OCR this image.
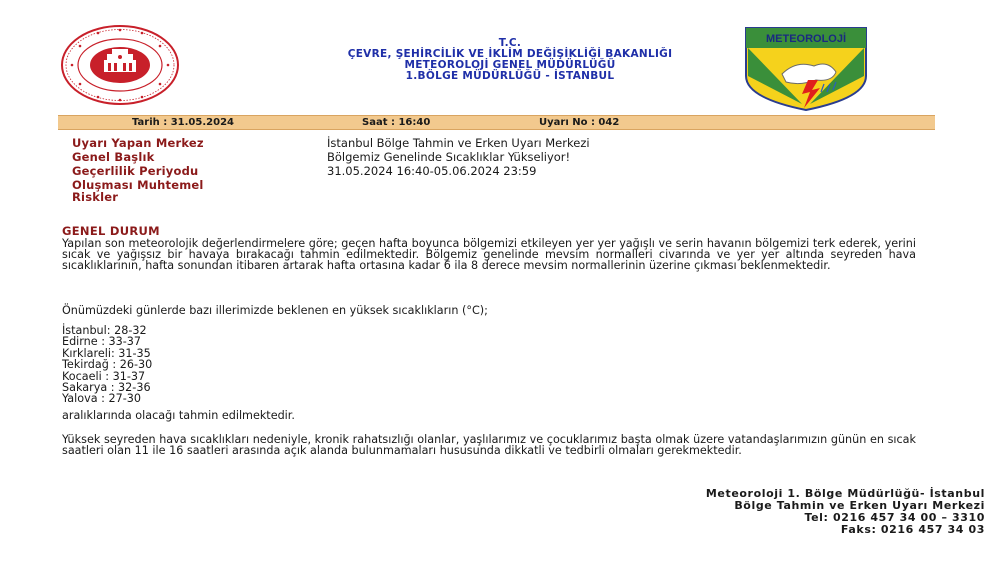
T.C.
ÇEVRE, ŞEHİRCİLİK VE İKLİM DEĞİŞİKLİĞİ BAKANLIĞI
METEOROLOJİ GENEL MÜDÜRLÜĞÜ
1.BÖLGE MÜDÜRLÜĞÜ - İSTANBUL
METEOROLOJİ
Tarih : 31.05.2024	Saat : 16:40	Uyarı No : 042
Uyarı Yapan Merkez	İstanbul Bölge Tahmin ve Erken Uyarı Merkezi
Genel Başlık	Bölgemiz Genelinde Sıcaklıklar Yükseliyor!
Geçerlilik Periyodu	31.05.2024 16:40-05.06.2024 23:59
Oluşması Muhtemel
Riskler
GENEL DURUM
Yapılan son meteorolojik değerlendirmelere göre; geçen hafta boyunca bölgemizi etkileyen yer yer yağışlı ve serin havanın bölgemizi terk ederek, yerini sıcak ve yağışsız bir havaya bırakacağı tahmin edilmektedir. Bölgemiz genelinde mevsim normalleri civarında ve yer yer altında seyreden hava sıcaklıklarının, hafta sonundan itibaren artarak hafta ortasına kadar 6 ila 8 derece mevsim normallerinin üzerine çıkması beklenmektedir.
Önümüzdeki günlerde bazı illerimizde beklenen en yüksek sıcaklıkların (°C);
İstanbul: 28-32
Edirne : 33-37
Kırklareli: 31-35
Tekirdağ : 26-30
Kocaeli : 31-37
Sakarya : 32-36
Yalova : 27-30
aralıklarında olacağı tahmin edilmektedir.
Yüksek seyreden hava sıcaklıkları nedeniyle, kronik rahatsızlığı olanlar, yaşlılarımız ve çocuklarımız başta olmak üzere vatandaşlarımızın günün en sıcak saatleri olan 11 ile 16 saatleri arasında açık alanda bulunmamaları hususunda dikkatli ve tedbirli olmaları gerekmektedir.
Meteoroloji 1. Bölge Müdürlüğü- İstanbul
Bölge Tahmin ve Erken Uyarı Merkezi
Tel: 0216 457 34 00 – 3310
Faks: 0216 457 34 03
